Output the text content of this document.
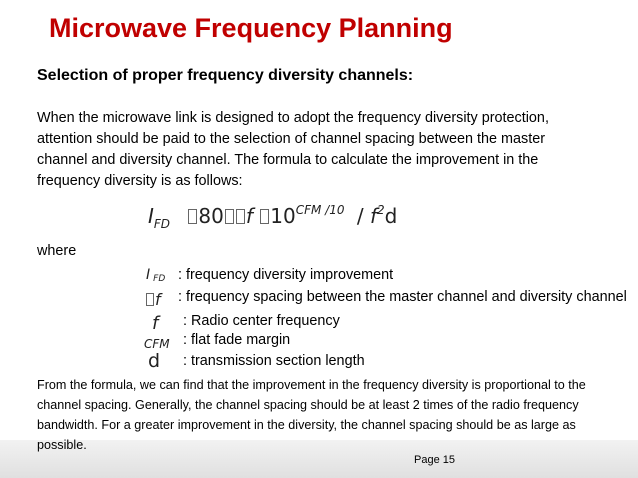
Microwave Frequency Planning
Selection of proper frequency diversity channels:
When the microwave link is designed to adopt the frequency diversity protection,
attention should be paid to the selection of channel spacing between the master
channel and diversity channel. The formula to calculate the improvement in the
frequency diversity is as follows:
$I_{FD}$ 80 f $10^{CFM /10} / f^2d$
where
IFD : frequency diversity improvement
f : frequency spacing between the master channel and diversity channel
f : Radio center frequency
CFM : flat fade margin
d : transmission section length
From the formula, we can find that the improvement in the frequency diversity is proportional to the
channel spacing. Generally, the channel spacing should be at least 2 times of the radio frequency
bandwidth. For a greater improvement in the diversity, the channel spacing should be as large as
possible.
Page 15
